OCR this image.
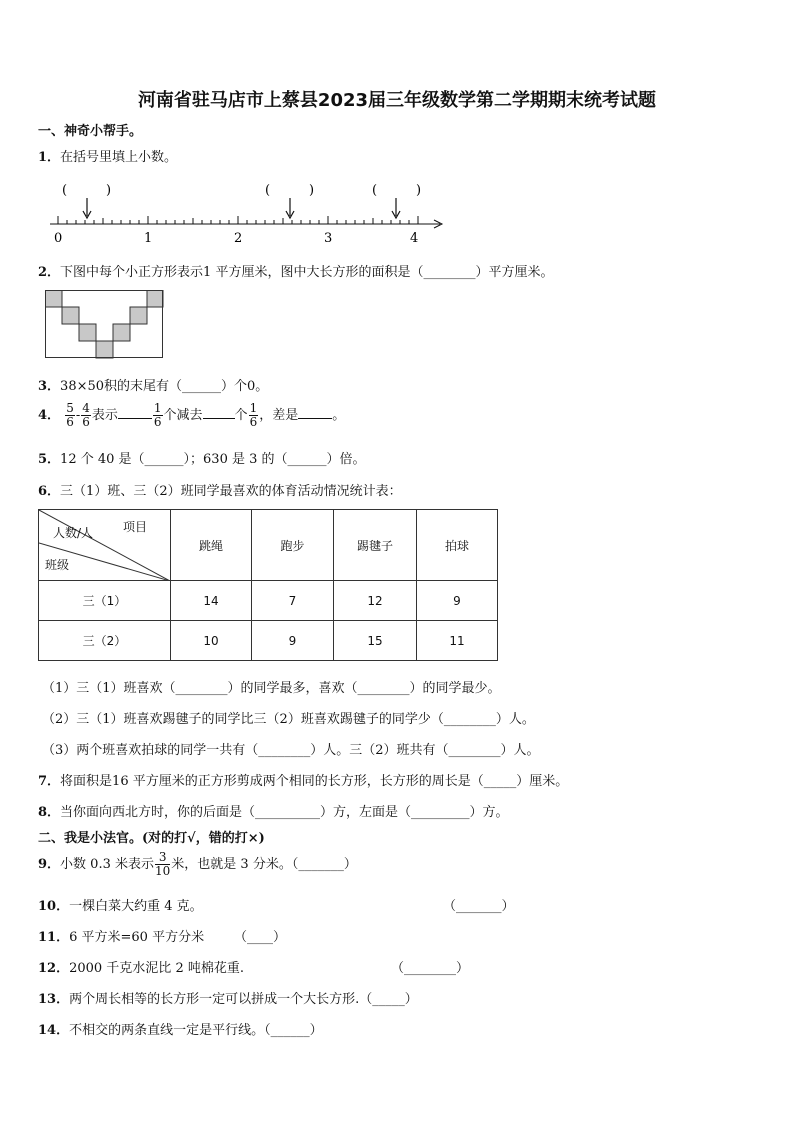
河南省驻马店市上蔡县2023届三年级数学第二学期期末统考试题
一、神奇小帮手。
1．在括号里填上小数。
(	)	(	)	(	)
0	1	2	3	4
2．下图中每个小正方形表示1 平方厘米，图中大长方形的面积是（________）平方厘米。
3．38×50积的末尾有（______）个0。
4． $\frac{5}{6} - \frac{4}{6}$ 表示	$\frac{1}{6}$ 个减去 个 $\frac{1}{6}$ ，差是	。
5．12 个 40 是（______）；630 是 3 的（______）倍。
6．三（1）班、三（2）班同学最喜欢的体育活动情况统计表：
项目
人数/人
班级	跳绳	跑步	踢毽子	拍球
三（1）	14	7	12	9
三（2）	10	9	15	11
（1）三（1）班喜欢（________）的同学最多，喜欢（________）的同学最少。
（2）三（1）班喜欢踢毽子的同学比三（2）班喜欢踢毽子的同学少（________）人。
（3）两个班喜欢拍球的同学一共有（________）人。三（2）班共有（________）人。
7．将面积是16 平方厘米的正方形剪成两个相同的长方形，长方形的周长是（_____）厘米。
8．当你面向西北方时，你的后面是（__________）方，左面是（_________）方。
二、我是小法官。(对的打√，错的打×)
9．小数 0.3 米表示 $\frac{3}{10}$ 米，也就是 3 分米。（_______）
10．一棵白菜大约重 4 克。	（_______）
11．6 平方米=60 平方分米 （____）
12．2000 千克水泥比 2 吨棉花重.	（________）
13．两个周长相等的长方形一定可以拼成一个大长方形.（_____）
14．不相交的两条直线一定是平行线。（______）
